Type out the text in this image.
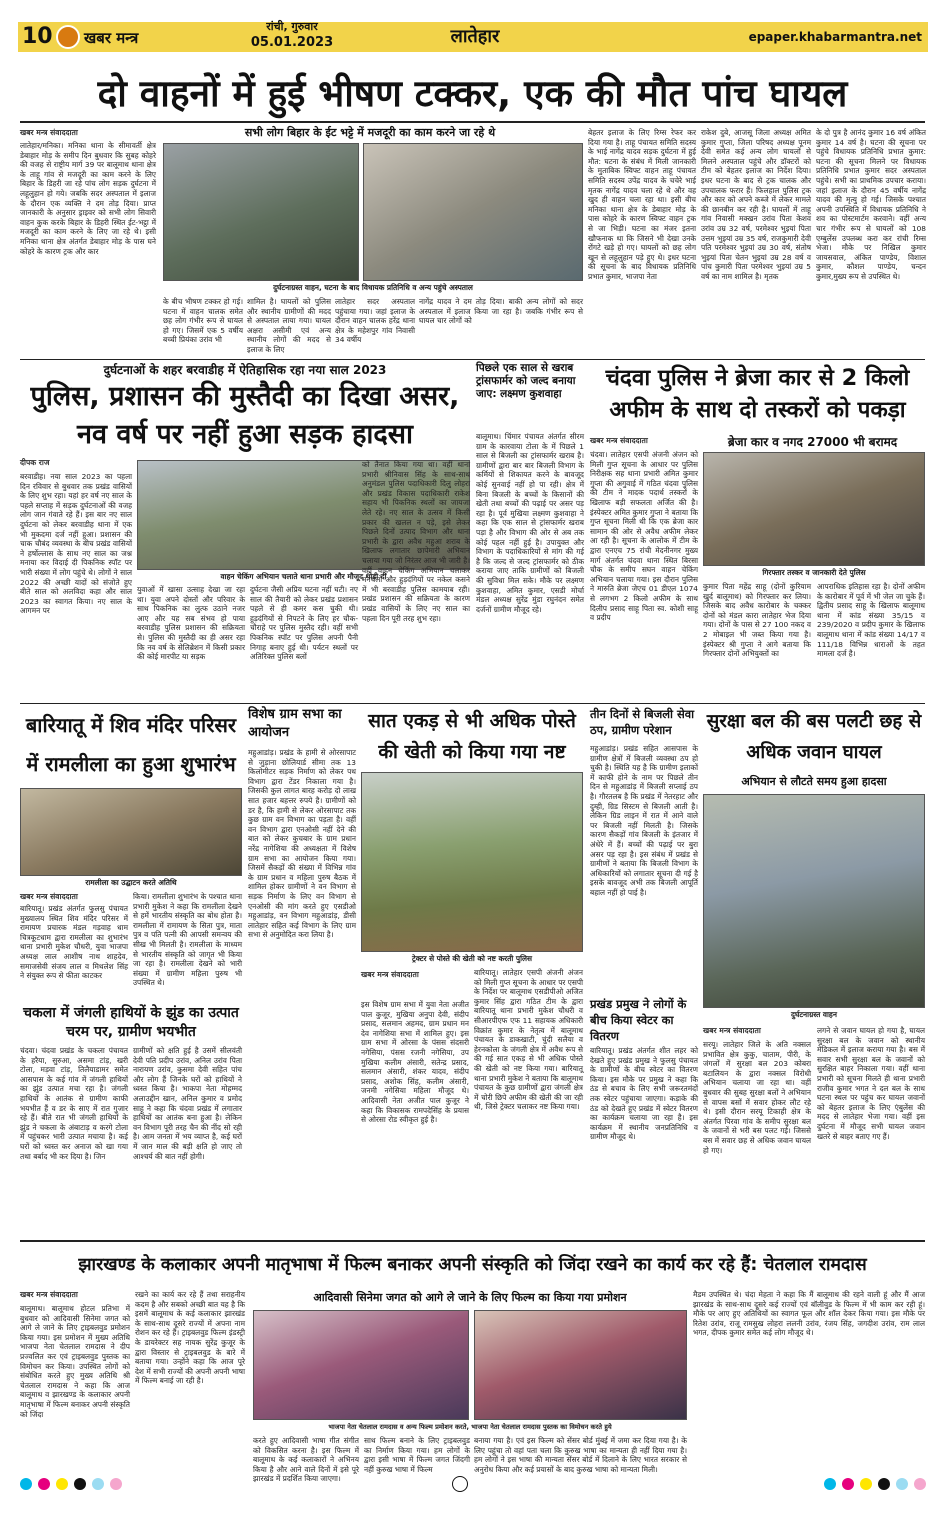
10 खबर मन्त्र
रांची, गुरुवार
05.01.2023	लातेहार	epaper.khabarmantra.net
दो वाहनों में हुई भीषण टक्कर, एक की मौत पांच घायल
खबर मन्त्र संवाददाता
लातेहार/मनिका। मनिका थाना के सीमावर्ती क्षेत्र डेबाहार मोड़ के समीप दिन बुधवार कि सुबह कोहरे की वजह से राष्ट्रीय मार्ग 39 पर बालूमाथ थाना क्षेत्र के ताहू गांव से मजदूरी का काम करने के लिए बिहार के डिहरी जा रहे पांच लोग सड़क दुर्घटना में लहूलुहान हो गये। जबकि सदर अस्पताल में इलाज के दौरान एक व्यक्ति ने दम तोड़ दिया। प्राप्त जानकारी के अनुसार ड्राइवर को सभी लोग सिवारी वाहन कुक करके बिहार के डिहरी स्थित ईट-भट्ठा में मजदूरी का काम करने के लिए जा रहे थे। इसी मनिका थाना क्षेत्र अंतर्गत डेबाहार मोड़ के पास घने कोहरे के कारण ट्रक और कार
सभी लोग बिहार के ईट भट्टे में मजदूरी का काम करने जा रहे थे
दुर्घटनाग्रस्त वाहन, घटना के बाद विधायक प्रतिनिधि व अन्य पहुंचे अस्पताल
के बीच भीषण टक्कर हो गई। घटना में वाहन चालक समेत छह लोग गंभीर रूप से घायल हो गए। जिसमें एक 5 वर्षीय बच्ची प्रियंका उरांव भी
शामिल है। घायलों को पुलिस और स्थानीय ग्रामीणों की मदद से अस्पताल लाया गया। घायल अक्षरा असीमी एवं अन्य स्थानीय लोगों की मदद से इलाज के लिए
लातेहार सदर अस्पताल पहुंचाया गया। जहां इलाज के दौरान वाहन चालक हरेंद्र थाना क्षेत्र के महेशपुर गांव निवासी 34 वर्षीय
नागेंद्र यादव ने दम तोड़ दिया। बाकी अन्य लोगों को सदर अस्पताल में इलाज किया जा रहा है। जबकि गंभीर रूप से घायल चार लोगों को
बेहतर इलाज के लिए रिम्स रेफर कर दिया गया है। ताहू पंचायत समिति सदस्य के भाई नागेंद्र यादव सड़क दुर्घटना में हुई मौत: घटना के संबंध में मिली जानकारी के मुताबिक स्विफ्ट वाहन ताहू पंचायत समिति सदस्य उपेंद्र यादव के चचेरे भाई मृतक नागेंद्र यादव चला रहे थे और वह खुद ही वाहन चला रहा था। इसी बीच मनिका थाना क्षेत्र के डेबाहार मोड़ के पास कोहरे के कारण स्विफ्ट वाहन ट्रक से जा भिड़ी। घटना का मंजर इतना खौफनाक था कि जिसने भी देखा उनके रोंगटे खड़े हो गए। घायलों को छह लोग खून से लहूलुहान पड़े हुए थे। इधर घटना की सूचना के बाद विधायक प्रतिनिधि प्रभात कुमार, भाजपा नेता
राकेश दुबे, आजसू जिला अध्यक्ष अमित कुमार गुप्ता, जिला परिषद अध्यक्ष पूनम देवी समेत कई अन्य लोग घायलों से मिलने अस्पताल पहुंचे और डॉक्टरों को टीम को बेहतर इलाज का निर्देश दिया। इधर घटना के बाद से ट्रक चालक और उपचालक फरार हैं। फिलहाल पुलिस ट्रक और कार को अपने कब्जे में लेकर मामले की छानबीन कर रही है। घायलों में ताहू गांव निवासी मक्खन उरांव पिता केशव उरांव उम्र 32 वर्ष, परमेश्वर भुइयां पिता उत्तम भुइयां उम्र 35 वर्ष, राजकुमारी देवी पति परमेश्वर भुइयां उम्र 30 वर्ष, संतोष भुइयां पिता चेतन भुइयां उम्र 28 वर्ष व पांच कुमारी पिता परमेश्वर भुइयां उम्र 5 वर्ष का नाम शामिल है। मृतक
के दो पुत्र है आनंद कुमार 16 वर्ष अंकित कुमार 14 वर्ष है। घटना की सूचना पर पहुंचे विधायक प्रतिनिधि प्रभात कुमार: घटना की सूचना मिलने पर विधायक प्रतिनिधि प्रभात कुमार सदर अस्पताल पहुंचे। सभी का प्राथमिक उपचार कराया। जहां इलाज के दौरान 45 वर्षीय नागेंद्र यादव की मृत्यु हो गई। जिसके पश्चात अपनी उपस्थिति में विधायक प्रतिनिधि ने शव का पोस्टमार्टम करवाने। वहीं अन्य चार गंभीर रूप से घायलों को 108 एम्बुलेंस उपलब्ध करा कर रांची रिम्स भेजा। मौके पर निखिल कुमार जायसवाल, अंकित पाण्डेय, विशाल कुमार, कौशल पाण्डेय, चन्दन कुमार,मुख्य रूप से उपस्थित थे।
दुर्घटनाओं के शहर बरवाडीह में ऐतिहासिक रहा नया साल 2023
पुलिस, प्रशासन की मुस्तैदी का दिखा असर, नव वर्ष पर नहीं हुआ सड़क हादसा
दीपक राज
बरवाडीह। नया साल 2023 का पहला दिन रविवार से बुधवार तक प्रखंड वासियों के लिए शुभ रहा। यहां हर वर्ष नए साल के पहले सप्ताह में सड़क दुर्घटनाओं की वजह लोग जान गंवाते रहे हैं। इस बार नए साल दुर्घटना को लेकर बरवाडीह थाना में एक भी मुकदमा दर्ज नहीं हुआ। प्रशासन की चाक चौबंद व्यवस्था के बीच प्रखंड वासियों ने हर्षोल्लास के साथ नए साल का जश्न मनाया कर विदाई दी पिकनिक स्पॉट पर भारी संख्या में लोग पहुंचे थे। लोगों ने साल 2022 की अच्छी यादों को संजोते हुए बीते साल को अलविदा कहा और साल 2023 का स्वागत किया। नए साल के आगमन पर
वाहन चेकिंग अभियान चलाते थाना प्रभारी और मौजूद थोड़ी दी
युवाओं में खासा उत्साह देखा जा रहा था। युवा अपने दोस्तों और परिवार के साथ पिकनिक का लुत्फ उठाने नजर आए और यह सब संभव हो पाया बरवाडीह पुलिस प्रशासन की सक्रियता से। पुलिस की मुस्तैदी का ही असर रहा कि नव वर्ष के सेलिब्रेशन में किसी प्रकार की कोई मारपीट या सड़क
दुर्घटना जैसी अप्रिय घटना नहीं घटी। नए साल की तैयारी को लेकर प्रखंड प्रशासन पहले से ही कमर कस चुकी थी। हुड़दंगियों से निपटने के लिए हर चौक-चौराहे पर पुलिस मुस्तैद रही। वहीं सभी पिकनिक स्पॉट पर पुलिस अपनी पैनी निगाह बनाए हुई थी। पर्यटन स्थलों पर अतिरिक्त पुलिस बलों
को तैनात किया गया था। वहीं थाना प्रभारी श्रीनिवास सिंह के साथ-साथ अनुमंडल पुलिस पदाधिकारी दिलु लोहरा और प्रखंड विकास पदाधिकारी राकेश सहाय भी पिकनिक स्थलों का जायजा लेते रहे। नए साल के उत्सव में किसी प्रकार की खलल न पड़े, इसे लेकर पिछले दिनों उत्पाद विभाग और थाना प्रभारी के द्वारा अवैध महुआ शराब के खिलाफ लगातार छापेमारी अभियान चलाया गया जो निरंतर आज भी जारी है। वहीं वाहन चेकिंग अभियान चलाकर मनचलों और हुड़दंगियों पर नकेल कसने में भी बरवाडीह पुलिस कामयाब रही। प्रखंड प्रशासन की सक्रियता के कारण प्रखंड वासियों के लिए नए साल का पहला दिन पूरी तरह शुभ रहा।
पिछले एक साल से खराब ट्रांसफार्मर को जल्द बनाया जाए: लक्ष्मण कुशवाहा
बालूमाथ। चिंमार पंचायत अंतर्गत सीरम ग्राम के कारवाया टोला के में पिछले 1 साल से बिजली का ट्रांसफार्मर खराब है। ग्रामीणों द्वारा बार बार बिजली विभाग के कर्मियों से शिकायत करने के बावजूद कोई सुनवाई नहीं हो पा रही। क्षेत्र में बिना बिजली के बच्चों के किसानों की खेती तथा बच्चों की पढ़ाई पर असर पड़ रहा है। पूर्व मुखिया लक्ष्मण कुशवाहा ने कहा कि एक साल से ट्रांसफार्मर खराब पड़ा है और विभाग की ओर से अब तक कोई पहल नहीं हुई है। उपायुक्त और विभाग के पदाधिकारियों से मांग की गई है कि जल्द से जल्द ट्रांसफार्मर को ठीक कराया जाए ताकि ग्रामीणों को बिजली की सुविधा मिल सके। मौके पर लक्ष्मण कुशवाहा, अमित कुमार, एसडी मोर्चा मंडल अध्यक्ष सुरेंद्र मुंडा रघुनंदन समेत दर्जनों ग्रामीण मौजूद रहे।
चंदवा पुलिस ने ब्रेजा कार से 2 किलो अफीम के साथ दो तस्करों को पकड़ा
ब्रेजा कार व नगद 27000 भी बरामद
खबर मन्त्र संवाददाता
चंदवा। लातेहार एसपी अंजनी अंजन को मिली गुप्त सूचना के आधार पर पुलिस निरीक्षक सह थाना प्रभारी अमित कुमार गुप्ता की अगुवाई में गठित चंदवा पुलिस की टीम ने मादक पदार्थ तस्करों के खिलाफ बड़ी सफलता अर्जित की है। इंस्पेक्टर अमित कुमार गुप्ता ने बताया कि गुप्त सूचना मिली थी कि एक ब्रेजा कार सामान की ओर से अवैध अफीम लेकर आ रही है। सूचना के आलोक में टीम के द्वारा एनएच 75 रांची मेदनीनगर मुख्य मार्ग अंतर्गत चंदवा थाना स्थित बिरसा चौक के समीप सघन वाहन चेकिंग अभियान चलाया गया। इस दौरान पुलिस ने मारुति ब्रेजा जेएच 01 डीएल 1074 से लगभग 2 किलो अफीम के साथ दिलीप प्रसाद साहू पिता स्व. कोशी साहू व प्रदीप
गिरफ्तार तस्कर व जानकारी देते पुलिस
कुमार पिता महेंद्र साहू (दोनों कुरियाम खुर्द बालूमाथ) को गिरफ्तार कर लिया। जिसके बाद अवैध कारोबार के चक्कर दोनों को मंडल कारा लातेहार भेज दिया गया। दोनों के पास से 27 100 नकद व 2 मोबाइल भी जब्त किया गया है। इंस्पेक्टर श्री गुप्ता ने आगे बताया कि गिरफ्तार दोनों अभियुक्तों का
आपराधिक इतिहास रहा है। दोनों अफीम के कारोबार में पूर्व में भी जेल जा चुके हैं। द्वितीय प्रसाद साहू के खिलाफ बालूमाथ थाना में कांड संख्या 35/15 व 239/2020 व प्रदीप कुमार के खिलाफ बालूमाथ थाना में कांड संख्या 14/17 व 111/18 विभिन्न धाराओं के तहत मामला दर्ज है।
बारियातू में शिव मंदिर परिसर में रामलीला का हुआ शुभारंभ
रामलीला का उद्घाटन करते अतिथि
खबर मन्त्र संवाददाता
बारियातू। प्रखंड अंतर्गत फुलसु पंचायत मुख्यालय स्थित शिव मंदिर परिसर में रामायण प्रचारक मंडल गड़वाह धाम चित्रकूटधाम द्वारा रामलीला का शुभारंभ थाना प्रभारी मुकेश चौधरी, युवा भाजपा अध्यक्ष लाल आशीष नाथ शाहदेव, समाजसेवी संजय लाल व मिथलेश सिंह ने संयुक्त रूप से फीता काटकर
किया। रामलीला शुभारंभ के पश्चात थाना प्रभारी मुकेश ने कहा कि रामलीला देखने से हमें भारतीय संस्कृति का बोध होता है। रामलीला में रामायण के सिता पुत्र, माता पुत्र व पति पत्नी की आपसी समन्वय की सीख भी मिलती है। रामलीला के माध्यम से भारतीय संस्कृति को जागृत भी किया जा रहा है। रामलीला देखने को भारी संख्या में ग्रामीण महिला पुरुष भी उपस्थित थे।
चकला में जंगली हाथियों के झुंड का उत्पात चरम पर, ग्रामीण भयभीत
चंदवा। चंदवा प्रखंड के चकला पंचायत के हरैया, सुरुआ, असमा टांड़, खरी टोला, मड़वा टांड़, तिलैयाडामर समेत आसपास के कई गांव में जंगली हाथियों का झुंड उत्पात मचा रहा है। जंगली हाथियों के आतंक से ग्रामीण काफी भयभीत हैं व डर के साए में रात गुजार रहे हैं। बीते रात भी जंगली हाथियों के झुंड ने चकला के अंबाटाड़ व करगे टोला में पहुंचकर भारी उत्पात मचाया है। कई घरों को ध्वस्त कर अनाज को खा गया तथा बर्बाद भी कर दिया है। जिन
ग्रामीणों को क्षति हुई है उसमें सीलवंती देवी पति प्रदीप उरांव, अनिल उरांव पिता नारायण उरांव, कुसमा देवी सहित पांच और लोग हैं जिनके घरों को हाथियों ने ध्वस्त किया है। भाकपा नेता मोहम्मद अलाउद्दीन खान, अनिल कुमार व प्रमोद साहू ने कहा कि चंदवा प्रखंड में लगातार हाथियों का आतंक बना हुआ है। लेकिन वन विभाग पूरी तरह चैन की नींद सो रही है। आम जनता में भय व्याप्त है, कई घरों में जान माल की बड़ी क्षति हो जाए तो आश्चर्य की बात नहीं होगी।
विशेष ग्राम सभा का आयोजन
महुआडांड़। प्रखंड के हामी से ओरसापाट से जुड़ाना छोलियार्ड सीमा तक 13 किलोमीटर सड़क निर्माण को लेकर पथ विभाग द्वारा टेंडर निकाला गया है। जिसकी कुल लागत बारह करोड़ दो लाख सात हजार बहत्तर रुपये है। ग्रामीणों को डर है, कि हामी से लेकर ओरसापाट तक कुछ ग्राम वन विभाग का पड़ता है। वहीं वन विभाग द्वारा एनओसी नहीं देने की बात को लेकर कुचबार के ग्राम प्रधान नरेंद्र नागेशिया की अध्यक्षता में विशेष ग्राम सभा का आयोजन किया गया। जिसमें सैकड़ों की संख्या में विभिन्न गांव के ग्राम प्रधान व महिला पुरुष बैठक में शामिल होकर ग्रामीणों ने वन विभाग से सड़क निर्माण के लिए वन विभाग से एनओसी की मांग करते हुए एसडीओ महुआडांड़, वन विभाग महुआडांड़, डीसी लातेहार सहित कई विभाग के लिए ग्राम सभा से अनुमोदित करा लिया है।
इस विशेष ग्राम सभा में युवा नेता अजीत पाल कुजूर, मुखिया अनुपा देवी, संदीप प्रसाद, सलमान अहमद, ग्राम प्रधान मन देव नागेशिया सभा में शामिल हुए। इस ग्राम सभा में ओरसा के पंसस संदसरी नगेसिया, पंसस रजनी नगेसिया, उप मुखिया कलीम अंसारी, सतेन्द्र प्रसाद, सलमान अंसारी, शंकर यादव, संदीप प्रसाद, अशोक सिंह, कलीम अंसारी, जनमी नगेसिया महिला मौजूद थे। आदिवासी नेता अजीत पाल कुजूर ने कहा कि विकासक रामपदेसिंह के प्रयास से ओरसा रोड स्वीकृत हुई है।
सात एकड़ से भी अधिक पोस्ते की खेती को किया गया नष्ट
ट्रेक्टर से पोस्ते की खेती को नष्ट करती पुलिस
खबर मन्त्र संवाददाता	बारियातू। लातेहार एसपी अंजनी अंजन को मिली गुप्त सूचना के आधार पर एसपी के निर्देश पर बालूमाथ एसडीपीओ अजित कुमार सिंह द्वारा गठित टीम के द्वारा बारियातू थाना प्रभारी मुकेश चौधरी व सीआरपीएफ एफ 11 सहायक अधिकारी विक्रांत कुमार के नेतृत्व में बालूमाथ पंचायत के डाकखाटी, चुंदी सलैया व हेरनकोला के जंगली क्षेत्र में अवैध रूप से की गई सात एकड़ से भी अधिक पोस्ते की खेती को नष्ट किया गया। बारियातू थाना प्रभारी मुकेश ने बताया कि बालूमाथ पंचायत के कुछ ग्रामीणों द्वारा जंगली क्षेत्र में चोरी छिपे अफीम की खेती की जा रही थी, जिसे ट्रेक्टर चलाकर नष्ट किया गया।
तीन दिनों से बिजली सेवा ठप, ग्रामीण परेशान
महुआडांड़। प्रखंड सहित आसपास के ग्रामीण क्षेत्रों में बिजली व्यवस्था ठप हो चुकी है। स्थिति यह है कि ग्रामीण इलाकों में काफी होने के नाम पर पिछले तीन दिन से महुआडांड़ में बिजली सप्लाई ठप है। गौरतलब है कि प्रखंड में नेतरहाट और दुम्ही, ग्रिड सिस्टम से बिजली आती है। लेकिन ग्रिड लाइन में रात में आने वाले पर बिजली नहीं मिलती है। जिसके कारण सैकड़ों गांव बिजली के इंतजार में अंधेरे में हैं। बच्चों की पढ़ाई पर बुरा असर पड़ रहा है। इस संबंध में प्रखंड से ग्रामीणों ने बताया कि बिजली विभाग के अधिकारियों को लगातार सूचना दी गई है इसके बावजूद अभी तक बिजली आपूर्ति बहाल नहीं हो पाई है।
प्रखंड प्रमुख ने लोगों के बीच किया स्वेटर का वितरण
बारियातू। प्रखंड अंतर्गत शीत लहर को देखते हुए प्रखंड प्रमुख ने फुलसु पंचायत के ग्रामीणों के बीच स्वेटर का वितरण किया। इस मौके पर प्रमुख ने कहा कि ठंड से बचाव के लिए सभी जरूरतमंदों तक स्वेटर पहुंचाया जाएगा। कड़ाके की ठंड को देखते हुए प्रखंड में स्वेटर वितरण का कार्यक्रम चलाया जा रहा है। इस कार्यक्रम में स्थानीय जनप्रतिनिधि व ग्रामीण मौजूद थे।
सुरक्षा बल की बस पलटी छह से अधिक जवान घायल
अभियान से लौटते समय हुआ हादसा
दुर्घटनाग्रस्त वाहन
खबर मन्त्र संवाददाता
सरयू। लातेहार जिले के अति नक्सल प्रभावित क्षेत्र कुकु, चाताम, पीरी, के जंगलों में सुरक्षा बल 203 कोबरा बटालियन के द्वारा नक्सल विरोधी अभियान चलाया जा रहा था। वहीं बुधवार की सुबह सुरक्षा बलों ने अभियान से वापस बसों में सवार होकर लौट रहे थे। इसी दौरान सरयू टिकाही क्षेत्र के अंतर्गत पिरवा गांव के समीप सुरक्षा बल के जवानों से भरी बस पलट गई। जिससे बस में सवार छह से अधिक जवान घायल हो गए।
लगने से जवान घायल हो गया है, घायल सुरक्षा बल के जवान को स्थानीय मेडिकल में इलाज कराया गया है। बस में सवार सभी सुरक्षा बल के जवानों को सुरक्षित बाहर निकाला गया। वहीं थाना प्रभारी को सूचना मिलते ही थाना प्रभारी राजीव कुमार भगत ने दल बल के साथ घटना स्थल पर पहुंच कर घायल जवानों को बेहतर इलाज के लिए एंबुलेंस की मदद से लातेहार भेजा गया। वहीं इस दुर्घटना में मौजूद सभी घायल जवान खतरे से बाहर बताए गए हैं।
झारखण्ड के कलाकार अपनी मातृभाषा में फिल्म बनाकर अपनी संस्कृति को जिंदा रखने का कार्य कर रहे हैं: चेतलाल रामदास
खबर मन्त्र संवाददाता
बालूमाथ। बालूमाथ होटल प्रतिभा में बुधवार को आदिवासी सिनेमा जगत को आगे ले जाने के लिए ट्राइबलवुड प्रमोशन किया गया। इस प्रमोशन में मुख्य अतिथि भाजपा नेता चेतलाल रामदास ने दीप प्रज्वलित कर एवं ट्राइबलवुड पुस्तक का विमोचन कर किया। उपस्थित लोगों को संबोधित करते हुए मुख्य अतिथि श्री चेतलाल रामदास ने कहा कि आज बालूमाथ व झारखण्ड के कलाकार अपनी मातृभाषा में फिल्म बनाकर अपनी संस्कृति को जिंदा
रखने का कार्य कर रहे हैं तथा सराहनीय कदम है और सबको अच्छी बात यह है कि इसमें बालूमाथ के कई कलाकार झारखंड के साथ-साथ दूसरे राज्यों में अपना नाम रोशन कर रहे हैं। ट्राइबलवुड फिल्म इंडस्ट्री के डायरेक्टर सह नायक सुरेंद्र कुजूर के द्वारा विस्तार से ट्राइबलवुड के बारे में बताया गया। उन्होंने कहा कि आज पूरे देश में सभी राज्यों की अपनी अपनी भाषा में फिल्म बनाई जा रही है।
आदिवासी सिनेमा जगत को आगे ले जाने के लिए फिल्म का किया गया प्रमोशन
भाजपा नेता चेतलाल रामदास व अन्य फिल्म प्रमोशन करते, भाजपा नेता चेतलाल रामदास पुस्तक का विमोचन करते हुये
करते हुए आदिवासी भाषा गीत संगीत को विकसित करना है। इस फिल्म में बालूमाथ के कई कलाकारों ने अभिनय किया है और आने वाले दिनों में इसे पूरे झारखंड में प्रदर्शित किया जाएगा।
साथ फिल्म बनाने के लिए ट्राइबलवुड का निर्माण किया गया। हम लोगों के द्वारा इसी भाषा में फिल्म जगत जिंदगी नहीं कुरुख भाषा में फिल्म
बनाया गया है। एवं इस फिल्म को सेंसर बोर्ड मुंबई में जमा कर दिया गया है। के लिए पहुंचा तो वहां पता चला कि कुरुख भाषा का मान्यता ही नहीं दिया गया है। हम लोगों ने इस भाषा की मान्यता सेंसर बोर्ड में दिलाने के लिए भारत सरकार से अनुरोध किया और कई प्रयासों के बाद कुरुख भाषा को मान्यता मिली।
मैडम उपस्थित थे। चंदा मेहता ने कहा कि मैं बालूमाथ की रहने वाली हूं और मैं आज झारखंड के साथ-साथ दूसरे कई राज्यों एवं बॉलीवुड के फिल्म में भी काम कर रही हूं। मौके पर आए हुए अतिथियों का स्वागत फूल और शॉल देकर किया गया। इस मौके पर रितेश उरांव, राजू रामसुख लोहरा ललनी उरांव, रंजय सिंह, जगदीश उरांव, राम लाल भगत, दीपक कुमार समेत कई लोग मौजूद थे।
